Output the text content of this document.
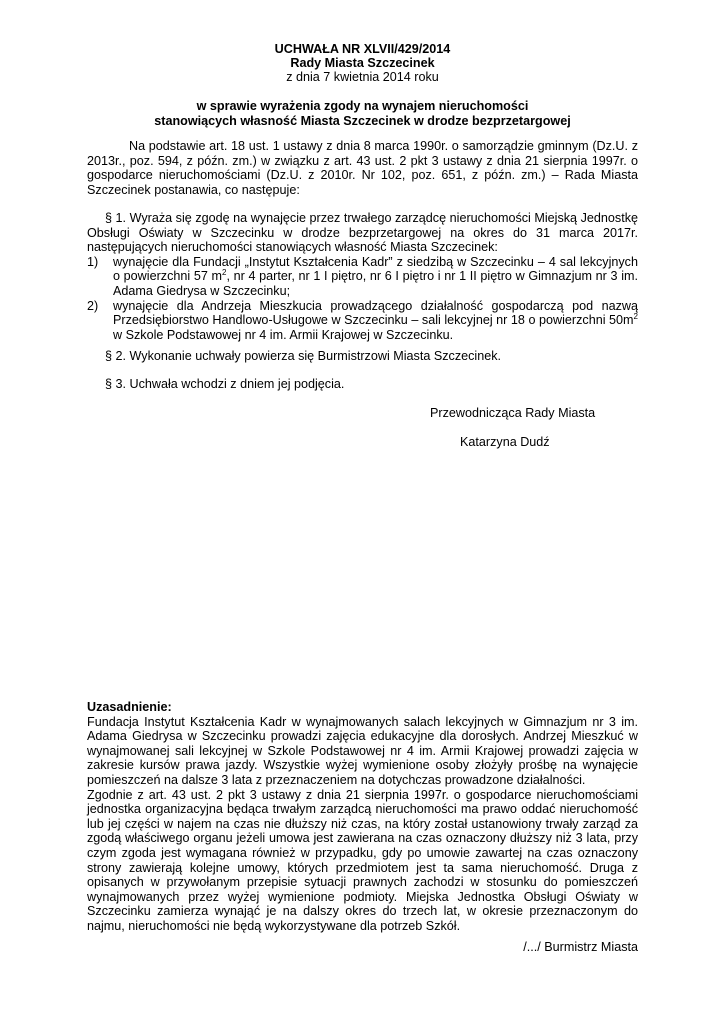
UCHWAŁA NR XLVII/429/2014
Rady Miasta Szczecinek
z dnia 7 kwietnia 2014 roku
w sprawie wyrażenia zgody na wynajem nieruchomości
stanowiących własność Miasta Szczecinek w drodze bezprzetargowej
Na podstawie art. 18 ust. 1 ustawy z dnia 8 marca 1990r. o samorządzie gminnym (Dz.U. z 2013r., poz. 594, z późn. zm.) w związku z art. 43 ust. 2 pkt 3 ustawy z dnia 21 sierpnia 1997r. o gospodarce nieruchomościami (Dz.U. z 2010r. Nr 102, poz. 651, z późn. zm.) – Rada Miasta Szczecinek postanawia, co następuje:
§ 1. Wyraża się zgodę na wynajęcie przez trwałego zarządcę nieruchomości Miejską Jednostkę Obsługi Oświaty w Szczecinku w drodze bezprzetargowej na okres do 31 marca 2017r. następujących nieruchomości stanowiących własność Miasta Szczecinek:
1) wynajęcie dla Fundacji „Instytut Kształcenia Kadr” z siedzibą w Szczecinku – 4 sal lekcyjnych o powierzchni 57 $m^2$, nr 4 parter, nr 1 I piętro, nr 6 I piętro i nr 1 II piętro w Gimnazjum nr 3 im. Adama Giedrysa w Szczecinku;
2) wynajęcie dla Andrzeja Mieszkucia prowadzącego działalność gospodarczą pod nazwą Przedsiębiorstwo Handlowo-Usługowe w Szczecinku – sali lekcyjnej nr 18 o powierzchni $50m^2$ w Szkole Podstawowej nr 4 im. Armii Krajowej w Szczecinku.
§ 2. Wykonanie uchwały powierza się Burmistrzowi Miasta Szczecinek.
§ 3. Uchwała wchodzi z dniem jej podjęcia.
Przewodnicząca Rady Miasta
Katarzyna Dudź
Uzasadnienie:
Fundacja Instytut Kształcenia Kadr w wynajmowanych salach lekcyjnych w Gimnazjum nr 3 im. Adama Giedrysa w Szczecinku prowadzi zajęcia edukacyjne dla dorosłych. Andrzej Mieszkuć w wynajmowanej sali lekcyjnej w Szkole Podstawowej nr 4 im. Armii Krajowej prowadzi zajęcia w zakresie kursów prawa jazdy. Wszystkie wyżej wymienione osoby złożyły prośbę na wynajęcie pomieszczeń na dalsze 3 lata z przeznaczeniem na dotychczas prowadzone działalności.
Zgodnie z art. 43 ust. 2 pkt 3 ustawy z dnia 21 sierpnia 1997r. o gospodarce nieruchomościami jednostka organizacyjna będąca trwałym zarządcą nieruchomości ma prawo oddać nieruchomość lub jej części w najem na czas nie dłuższy niż czas, na który został ustanowiony trwały zarząd za zgodą właściwego organu jeżeli umowa jest zawierana na czas oznaczony dłuższy niż 3 lata, przy czym zgoda jest wymagana również w przypadku, gdy po umowie zawartej na czas oznaczony strony zawierają kolejne umowy, których przedmiotem jest ta sama nieruchomość. Druga z opisanych w przywołanym przepisie sytuacji prawnych zachodzi w stosunku do pomieszczeń wynajmowanych przez wyżej wymienione podmioty. Miejska Jednostka Obsługi Oświaty w Szczecinku zamierza wynająć je na dalszy okres do trzech lat, w okresie przeznaczonym do najmu, nieruchomości nie będą wykorzystywane dla potrzeb Szkół.
/.../ Burmistrz Miasta
